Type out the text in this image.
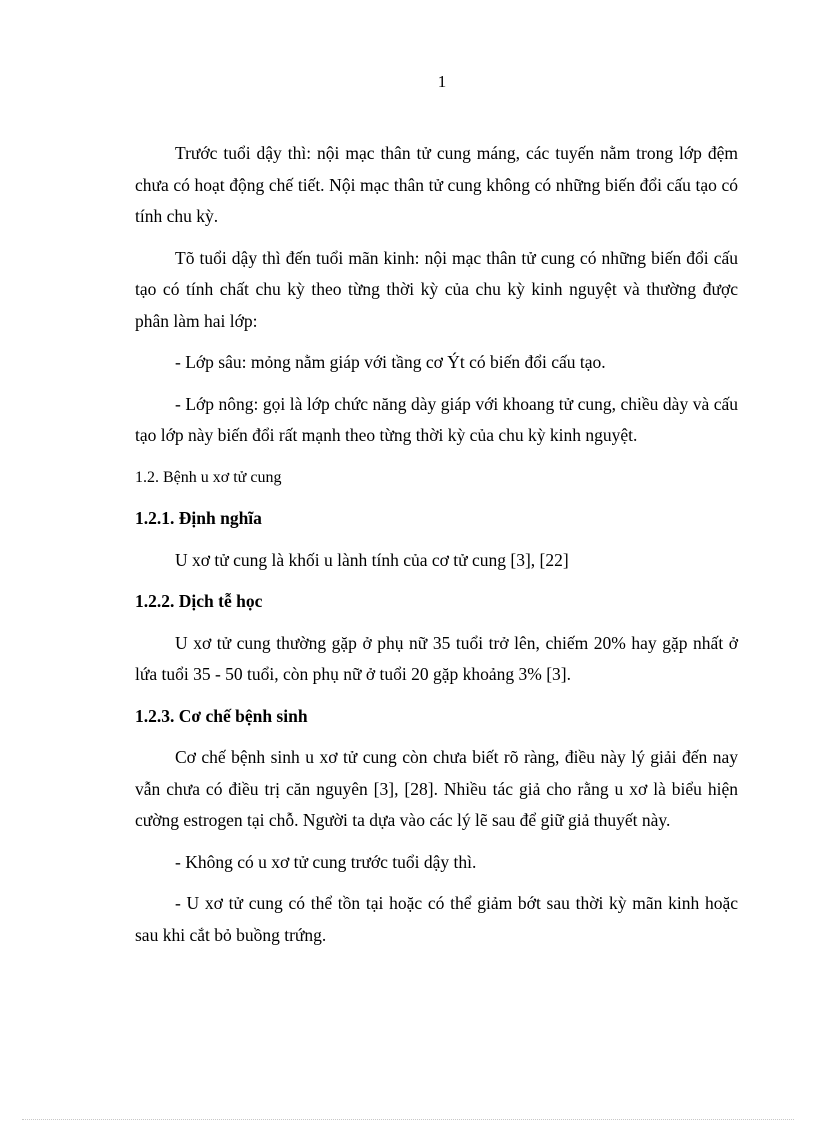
1

Trước tuổi dậy thì: nội mạc thân tử cung máng, các tuyến nằm trong lớp đệm chưa có hoạt động chế tiết. Nội mạc thân tử cung không có những biến đổi cấu tạo có tính chu kỳ.

Tõ tuổi dậy thì đến tuổi mãn kinh: nội mạc thân tử cung có những biến đổi cấu tạo có tính chất chu kỳ theo từng thời kỳ của chu kỳ kinh nguyệt và thường được phân làm hai lớp:

- Lớp sâu: mỏng nằm giáp với tầng cơ Ýt có biến đổi cấu tạo.

- Lớp nông: gọi là lớp chức năng dày giáp với khoang tử cung, chiều dày và cấu tạo lớp này biến đổi rất mạnh theo từng thời kỳ của chu kỳ kinh nguyệt.

1.2. Bệnh u xơ tử cung

1.2.1. Định nghĩa

U xơ tử cung là khối u lành tính của cơ tử cung [3], [22]

1.2.2. Dịch tễ học

U xơ tử cung thường gặp ở phụ nữ 35 tuổi trở lên, chiếm 20% hay gặp nhất ở lứa tuổi 35 - 50 tuổi, còn phụ nữ ở tuổi 20 gặp khoảng 3% [3].

1.2.3. Cơ chế bệnh sinh

Cơ chế bệnh sinh u xơ tử cung còn chưa biết rõ ràng, điều này lý giải đến nay vẫn chưa có điều trị căn nguyên [3], [28]. Nhiều tác giả cho rằng u xơ là biểu hiện cường estrogen tại chỗ. Người ta dựa vào các lý lẽ sau để giữ giả thuyết này.

- Không có u xơ tử cung trước tuổi dậy thì.

- U xơ tử cung có thể tồn tại hoặc có thể giảm bớt sau thời kỳ mãn kinh hoặc sau khi cắt bỏ buồng trứng.
